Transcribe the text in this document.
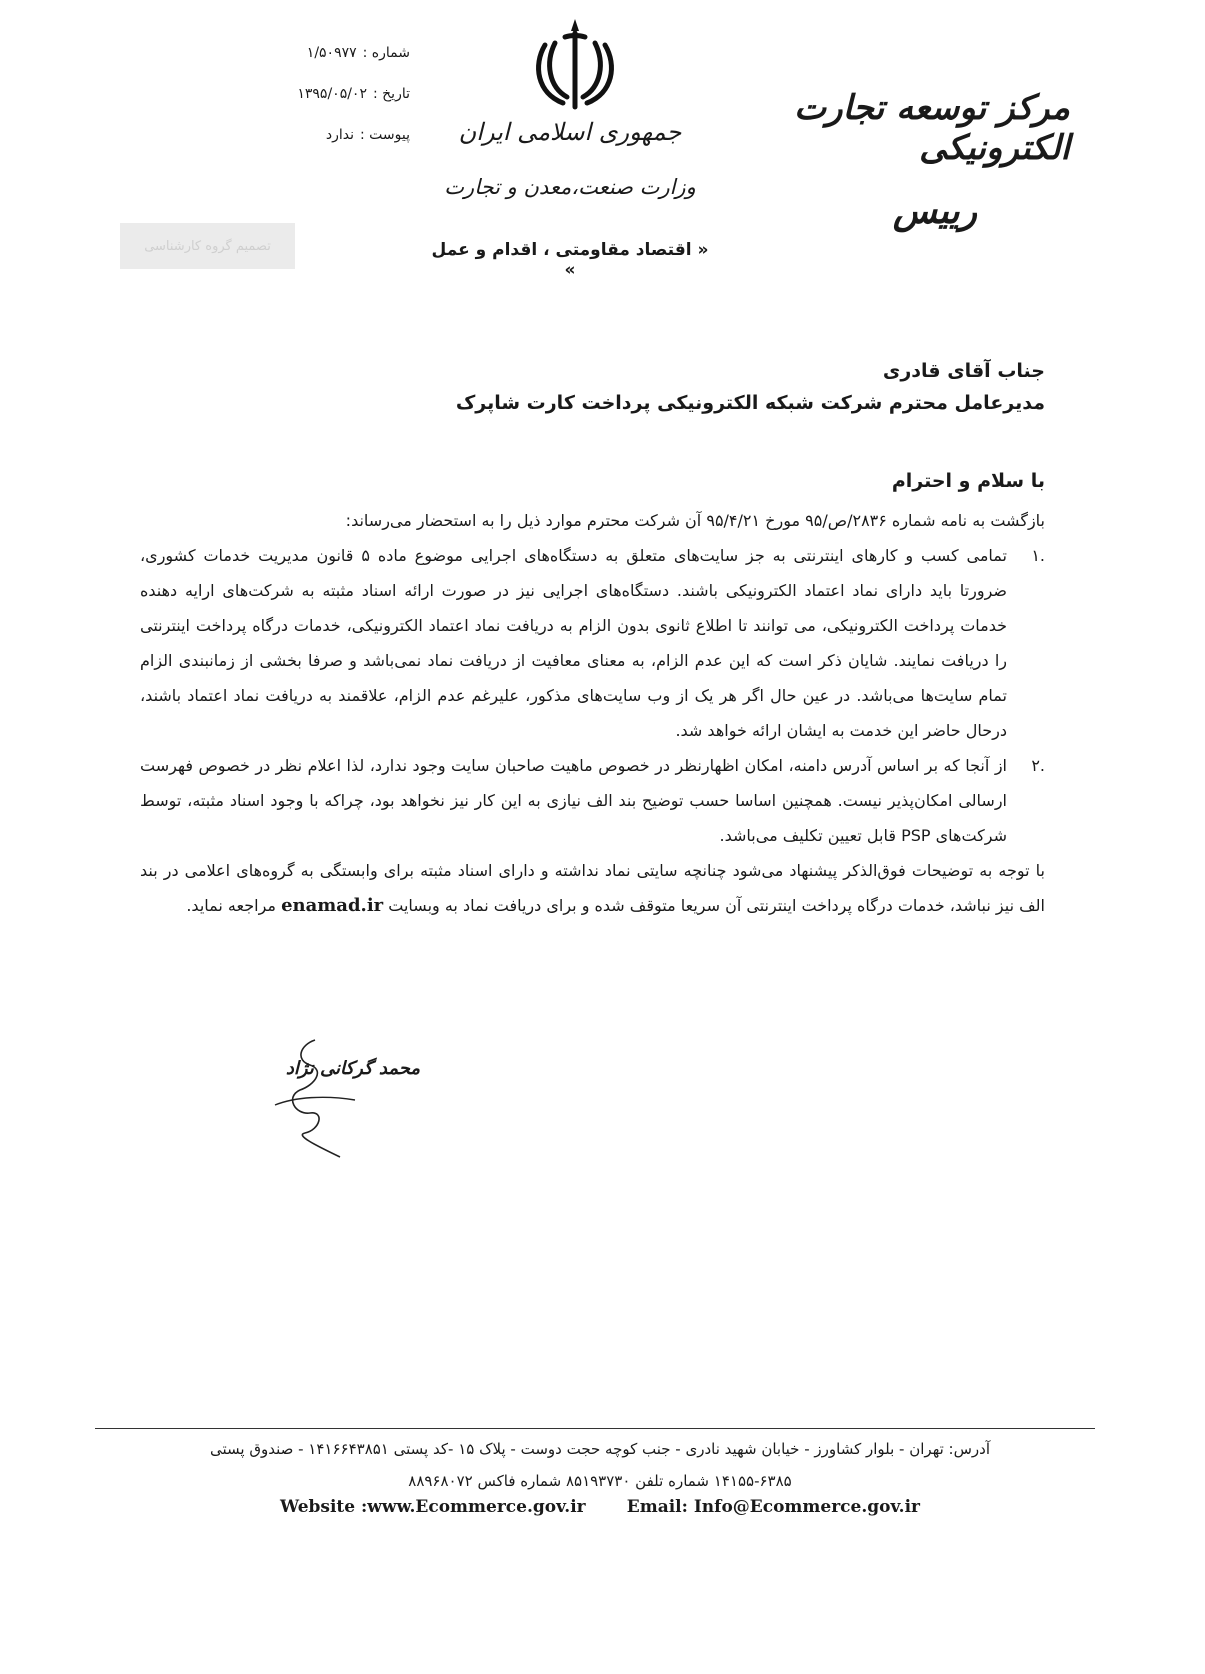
شماره :
۱/۵۰۹۷۷
تاریخ :
۱۳۹۵/۰۵/۰۲
پیوست :
ندارد
تصمیم گروه کارشناسی
جمهوری اسلامی ایران
وزارت صنعت،معدن و تجارت
« اقتصاد مقاومتی ، اقدام و عمل »
مرکز توسعه تجارت الکترونیکی
رییس
جناب آقای قادری
مدیرعامل محترم شرکت شبکه الکترونیکی پرداخت کارت شاپرک
با سلام و احترام

بازگشت به نامه شماره ۲۸۳۶/ص/۹۵ مورخ ۹۵/۴/۲۱ آن شرکت محترم موارد ذیل را به استحضار می‌رساند:

.۱
تمامی کسب و کارهای اینترنتی به جز سایت‌های متعلق به دستگاه‌های اجرایی موضوع ماده ۵ قانون مدیریت خدمات کشوری، ضرورتا باید دارای نماد اعتماد الکترونیکی باشند. دستگاه‌های اجرایی نیز در صورت ارائه اسناد مثبته به شرکت‌های ارایه دهنده خدمات پرداخت الکترونیکی، می توانند تا اطلاع ثانوی بدون الزام به دریافت نماد اعتماد الکترونیکی، خدمات درگاه پرداخت اینترنتی را دریافت نمایند. شایان ذکر است که این عدم الزام، به معنای معافیت از دریافت نماد نمی‌باشد و صرفا بخشی از زمانبندی الزام تمام سایت‌ها می‌باشد. در عین حال اگر هر یک از وب سایت‌های مذکور، علیرغم عدم الزام، علاقمند به دریافت نماد اعتماد باشند، درحال حاضر این خدمت به ایشان ارائه خواهد شد.
.۲
از آنجا که بر اساس آدرس دامنه، امکان اظهارنظر در خصوص ماهیت صاحبان سایت وجود ندارد، لذا اعلام نظر در خصوص فهرست ارسالی امکان‌پذیر نیست. همچنین اساسا حسب توضیح بند الف نیازی به این کار نیز نخواهد بود، چراکه با وجود اسناد مثبته، توسط شرکت‌های PSP قابل تعیین تکلیف می‌باشد.

با توجه به توضیحات فوق‌الذکر پیشنهاد می‌شود چنانچه سایتی نماد نداشته و دارای اسناد مثبته برای وابستگی به گروه‌های اعلامی در بند الف نیز نباشد، خدمات درگاه پرداخت اینترنتی آن سریعا متوقف شده و برای دریافت نماد به وبسایت enamad.ir مراجعه نماید.

محمد گرکانی نژاد
آدرس: تهران - بلوار کشاورز - خیابان شهید نادری - جنب کوچه حجت دوست - پلاک ۱۵ -کد پستی ۱۴۱۶۶۴۳۸۵۱ - صندوق پستی
۱۴۱۵۵-۶۳۸۵ شماره تلفن ۸۵۱۹۳۷۳۰ شماره فاکس ۸۸۹۶۸۰۷۲
Website :www.Ecommerce.gov.ir Email: Info@Ecommerce.gov.ir
